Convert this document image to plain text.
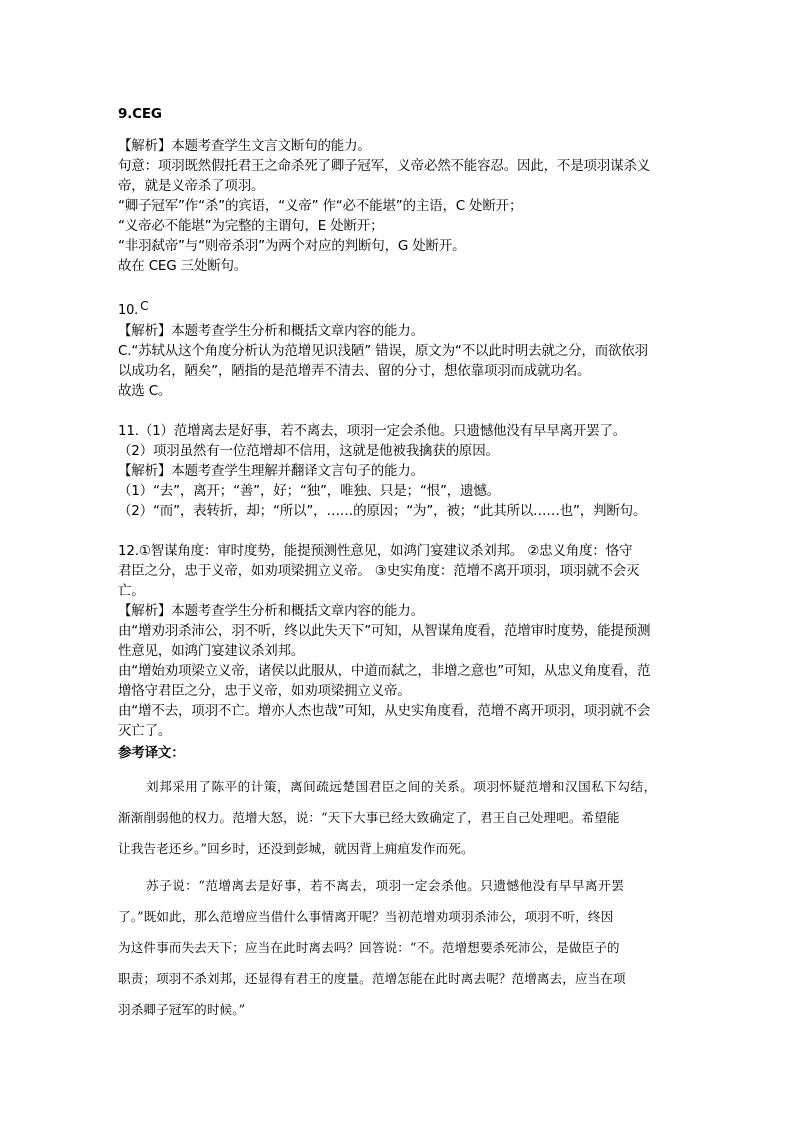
9.CEG
【解析】本题考查学生文言文断句的能力。
句意：项羽既然假托君王之命杀死了卿子冠军，义帝必然不能容忍。因此，不是项羽谋杀义
帝，就是义帝杀了项羽。
“卿子冠军”作“杀”的宾语，“义帝” 作“必不能堪”的主语，C 处断开；
“义帝必不能堪”为完整的主谓句，E 处断开；
“非羽弑帝”与“则帝杀羽”为两个对应的判断句，G 处断开。
故在 CEG 三处断句。
10. C
【解析】本题考查学生分析和概括文章内容的能力。
C.“苏轼从这个角度分析认为范增见识浅陋” 错误，原文为“不以此时明去就之分，而欲依羽
以成功名，陋矣”，陋指的是范增弄不清去、留的分寸，想依靠项羽而成就功名。
故选 C。
11.（1）范增离去是好事，若不离去，项羽一定会杀他。只遗憾他没有早早离开罢了。
（2）项羽虽然有一位范增却不信用，这就是他被我擒获的原因。
【解析】本题考查学生理解并翻译文言句子的能力。
（1）“去”，离开；“善”，好；“独”，唯独、只是；“恨”，遗憾。
（2）“而”，表转折，却；“所以”，……的原因；“为”，被；“此其所以……也”，判断句。
12.①智谋角度：审时度势，能提预测性意见，如鸿门宴建议杀刘邦。 ②忠义角度：恪守
君臣之分，忠于义帝，如劝项梁拥立义帝。 ③史实角度：范增不离开项羽，项羽就不会灭
亡。
【解析】本题考查学生分析和概括文章内容的能力。
由“增劝羽杀沛公，羽不听，终以此失天下”可知，从智谋角度看，范增审时度势，能提预测
性意见，如鸿门宴建议杀刘邦。
由“增始劝项梁立义帝，诸侯以此服从，中道而弑之，非增之意也”可知，从忠义角度看，范
增恪守君臣之分，忠于义帝，如劝项梁拥立义帝。
由“增不去，项羽不亡。增亦人杰也哉”可知，从史实角度看，范增不离开项羽，项羽就不会
灭亡了。
参考译文：
刘邦采用了陈平的计策，离间疏远楚国君臣之间的关系。项羽怀疑范增和汉国私下勾结，
渐渐削弱他的权力。范增大怒，说：“天下大事已经大致确定了，君王自己处理吧。希望能
让我告老还乡。”回乡时，还没到彭城，就因背上痈疽发作而死。
苏子说：“范增离去是好事，若不离去，项羽一定会杀他。只遗憾他没有早早离开罢
了。”既如此，那么范增应当借什么事情离开呢？当初范增劝项羽杀沛公，项羽不听，终因
为这件事而失去天下；应当在此时离去吗？回答说：“不。范增想要杀死沛公，是做臣子的
职责；项羽不杀刘邦，还显得有君王的度量。范增怎能在此时离去呢？范增离去，应当在项
羽杀卿子冠军的时候。”
